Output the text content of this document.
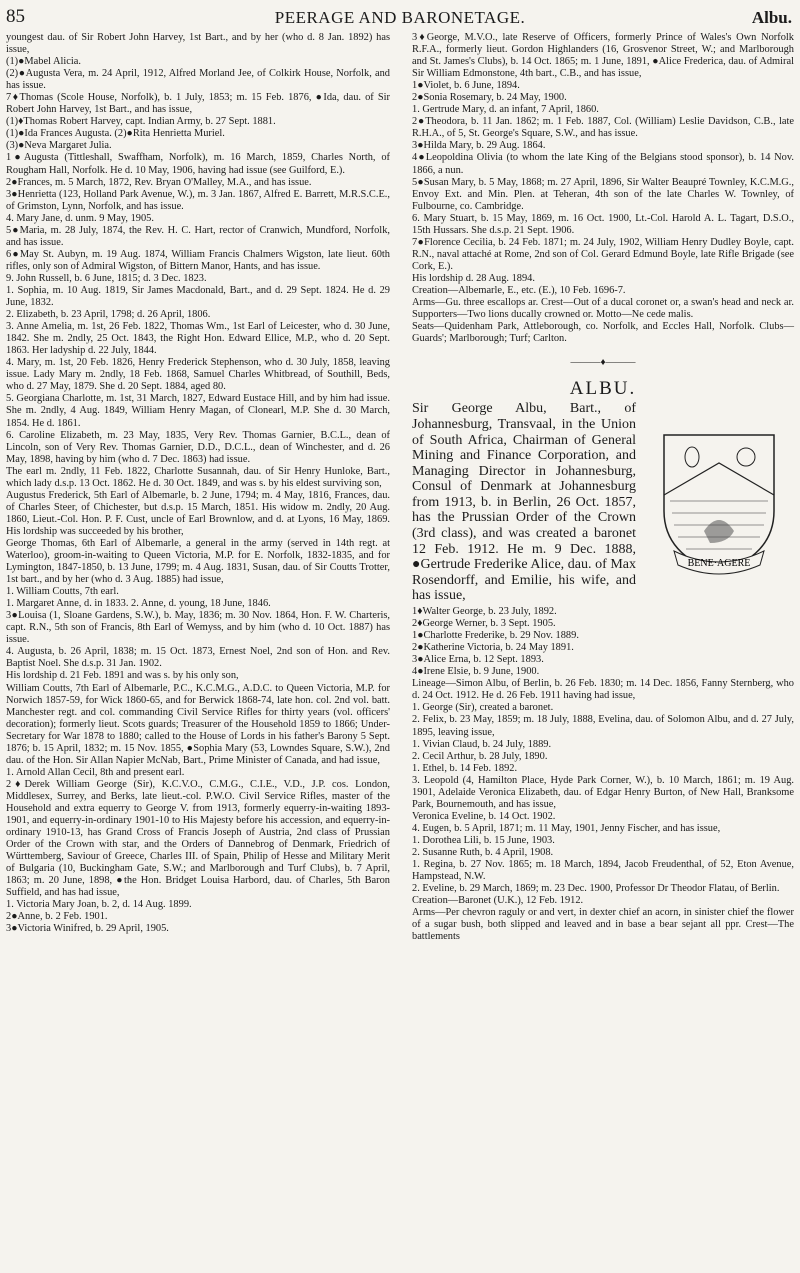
85	PEERAGE AND BARONETAGE.	Albu.

youngest dau. of Sir Robert John Harvey, 1st Bart., and by her (who d. 8 Jan. 1892) has issue,

(1)●Mabel Alicia.

(2)●Augusta Vera, m. 24 April, 1912, Alfred Morland Jee, of Colkirk House, Norfolk, and has issue.

7♦Thomas (Scole House, Norfolk), b. 1 July, 1853; m. 15 Feb. 1876, ●Ida, dau. of Sir Robert John Harvey, 1st Bart., and has issue,

(1)♦Thomas Robert Harvey, capt. Indian Army, b. 27 Sept. 1881.

(1)●Ida Frances Augusta. (2)●Rita Henrietta Muriel.

(3)●Neva Margaret Julia.

1●Augusta (Tittleshall, Swaffham, Norfolk), m. 16 March, 1859, Charles North, of Rougham Hall, Norfolk. He d. 10 May, 1906, having had issue (see Guilford, E.).

2●Frances, m. 5 March, 1872, Rev. Bryan O'Malley, M.A., and has issue.

3●Henrietta (123, Holland Park Avenue, W.), m. 3 Jan. 1867, Alfred E. Barrett, M.R.S.C.E., of Grimston, Lynn, Norfolk, and has issue.

4. Mary Jane, d. unm. 9 May, 1905.

5●Maria, m. 28 July, 1874, the Rev. H. C. Hart, rector of Cranwich, Mundford, Norfolk, and has issue.

6●May St. Aubyn, m. 19 Aug. 1874, William Francis Chalmers Wigston, late lieut. 60th rifles, only son of Admiral Wigston, of Bittern Manor, Hants, and has issue.

9. John Russell, b. 6 June, 1815; d. 3 Dec. 1823.

1. Sophia, m. 10 Aug. 1819, Sir James Macdonald, Bart., and d. 29 Sept. 1824. He d. 29 June, 1832.

2. Elizabeth, b. 23 April, 1798; d. 26 April, 1806.

3. Anne Amelia, m. 1st, 26 Feb. 1822, Thomas Wm., 1st Earl of Leicester, who d. 30 June, 1842. She m. 2ndly, 25 Oct. 1843, the Right Hon. Edward Ellice, M.P., who d. 20 Sept. 1863. Her ladyship d. 22 July, 1844.

4. Mary, m. 1st, 20 Feb. 1826, Henry Frederick Stephenson, who d. 30 July, 1858, leaving issue. Lady Mary m. 2ndly, 18 Feb. 1868, Samuel Charles Whitbread, of Southill, Beds, who d. 27 May, 1879. She d. 20 Sept. 1884, aged 80.

5. Georgiana Charlotte, m. 1st, 31 March, 1827, Edward Eustace Hill, and by him had issue. She m. 2ndly, 4 Aug. 1849, William Henry Magan, of Clonearl, M.P. She d. 30 March, 1854. He d. 1861.

6. Caroline Elizabeth, m. 23 May, 1835, Very Rev. Thomas Garnier, B.C.L., dean of Lincoln, son of Very Rev. Thomas Garnier, D.D., D.C.L., dean of Winchester, and d. 26 May, 1898, having by him (who d. 7 Dec. 1863) had issue.

The earl m. 2ndly, 11 Feb. 1822, Charlotte Susannah, dau. of Sir Henry Hunloke, Bart., which lady d.s.p. 13 Oct. 1862. He d. 30 Oct. 1849, and was s. by his eldest surviving son,

Augustus Frederick, 5th Earl of Albemarle, b. 2 June, 1794; m. 4 May, 1816, Frances, dau. of Charles Steer, of Chichester, but d.s.p. 15 March, 1851. His widow m. 2ndly, 20 Aug. 1860, Lieut.-Col. Hon. P. F. Cust, uncle of Earl Brownlow, and d. at Lyons, 16 May, 1869. His lordship was succeeded by his brother,

George Thomas, 6th Earl of Albemarle, a general in the army (served in 14th regt. at Waterloo), groom-in-waiting to Queen Victoria, M.P. for E. Norfolk, 1832-1835, and for Lymington, 1847-1850, b. 13 June, 1799; m. 4 Aug. 1831, Susan, dau. of Sir Coutts Trotter, 1st bart., and by her (who d. 3 Aug. 1885) had issue,

1. William Coutts, 7th earl.

1. Margaret Anne, d. in 1833. 2. Anne, d. young, 18 June, 1846.

3●Louisa (1, Sloane Gardens, S.W.), b. May, 1836; m. 30 Nov. 1864, Hon. F. W. Charteris, capt. R.N., 5th son of Francis, 8th Earl of Wemyss, and by him (who d. 10 Oct. 1887) has issue.

4. Augusta, b. 26 April, 1838; m. 15 Oct. 1873, Ernest Noel, 2nd son of Hon. and Rev. Baptist Noel. She d.s.p. 31 Jan. 1902.

His lordship d. 21 Feb. 1891 and was s. by his only son,

William Coutts, 7th Earl of Albemarle, P.C., K.C.M.G., A.D.C. to Queen Victoria, M.P. for Norwich 1857-59, for Wick 1860-65, and for Berwick 1868-74, late hon. col. 2nd vol. batt. Manchester regt. and col. commanding Civil Service Rifles for thirty years (vol. officers' decoration); formerly lieut. Scots guards; Treasurer of the Household 1859 to 1866; Under-Secretary for War 1878 to 1880; called to the House of Lords in his father's Barony 5 Sept. 1876; b. 15 April, 1832; m. 15 Nov. 1855, ●Sophia Mary (53, Lowndes Square, S.W.), 2nd dau. of the Hon. Sir Allan Napier McNab, Bart., Prime Minister of Canada, and had issue,

1. Arnold Allan Cecil, 8th and present earl.

2♦Derek William George (Sir), K.C.V.O., C.M.G., C.I.E., V.D., J.P. cos. London, Middlesex, Surrey, and Berks, late lieut.-col. P.W.O. Civil Service Rifles, master of the Household and extra equerry to George V. from 1913, formerly equerry-in-waiting 1893-1901, and equerry-in-ordinary 1901-10 to His Majesty before his accession, and equerry-in-ordinary 1910-13, has Grand Cross of Francis Joseph of Austria, 2nd class of Prussian Order of the Crown with star, and the Orders of Dannebrog of Denmark, Friedrich of Württemberg, Saviour of Greece, Charles III. of Spain, Philip of Hesse and Military Merit of Bulgaria (10, Buckingham Gate, S.W.; and Marlborough and Turf Clubs), b. 7 April, 1863; m. 20 June, 1898, ●the Hon. Bridget Louisa Harbord, dau. of Charles, 5th Baron Suffield, and has had issue,

1. Victoria Mary Joan, b. 2, d. 14 Aug. 1899.

2●Anne, b. 2 Feb. 1901.

3●Victoria Winifred, b. 29 April, 1905.

3♦George, M.V.O., late Reserve of Officers, formerly Prince of Wales's Own Norfolk R.F.A., formerly lieut. Gordon Highlanders (16, Grosvenor Street, W.; and Marlborough and St. James's Clubs), b. 14 Oct. 1865; m. 1 June, 1891, ●Alice Frederica, dau. of Admiral Sir William Edmonstone, 4th bart., C.B., and has issue,

1●Violet, b. 6 June, 1894.

2●Sonia Rosemary, b. 24 May, 1900.

1. Gertrude Mary, d. an infant, 7 April, 1860.

2●Theodora, b. 11 Jan. 1862; m. 1 Feb. 1887, Col. (William) Leslie Davidson, C.B., late R.H.A., of 5, St. George's Square, S.W., and has issue.

3●Hilda Mary, b. 29 Aug. 1864.

4●Leopoldina Olivia (to whom the late King of the Belgians stood sponsor), b. 14 Nov. 1866, a nun.

5●Susan Mary, b. 5 May, 1868; m. 27 April, 1896, Sir Walter Beaupré Townley, K.C.M.G., Envoy Ext. and Min. Plen. at Teheran, 4th son of the late Charles W. Townley, of Fulbourne, co. Cambridge.

6. Mary Stuart, b. 15 May, 1869, m. 16 Oct. 1900, Lt.-Col. Harold A. L. Tagart, D.S.O., 15th Hussars. She d.s.p. 21 Sept. 1906.

7●Florence Cecilia, b. 24 Feb. 1871; m. 24 July, 1902, William Henry Dudley Boyle, capt. R.N., naval attaché at Rome, 2nd son of Col. Gerard Edmund Boyle, late Rifle Brigade (see Cork, E.).

His lordship d. 28 Aug. 1894.

Creation—Albemarle, E., etc. (E.), 10 Feb. 1696-7.

Arms—Gu. three escallops ar. Crest—Out of a ducal coronet or, a swan's head and neck ar. Supporters—Two lions ducally crowned or. Motto—Ne cede malis.

Seats—Quidenham Park, Attleborough, co. Norfolk, and Eccles Hall, Norfolk. Clubs—Guards'; Marlborough; Turf; Carlton.

———♦———
ALBU.
BENE·AGERE
Sir George Albu, Bart., of Johannesburg, Transvaal, in the Union of South Africa, Chairman of General Mining and Finance Corporation, and Managing Director in Johannesburg, Consul of Denmark at Johannesburg from 1913, b. in Berlin, 26 Oct. 1857, has the Prussian Order of the Crown (3rd class), and was created a baronet 12 Feb. 1912. He m. 9 Dec. 1888, ●Gertrude Frederike Alice, dau. of Max Rosendorff, and Emilie, his wife, and has issue,

1♦Walter George, b. 23 July, 1892.

2♦George Werner, b. 3 Sept. 1905.

1●Charlotte Frederike, b. 29 Nov. 1889.

2●Katherine Victoria, b. 24 May 1891.

3●Alice Erna, b. 12 Sept. 1893.

4●Irene Elsie, b. 9 June, 1900.

Lineage—Simon Albu, of Berlin, b. 26 Feb. 1830; m. 14 Dec. 1856, Fanny Sternberg, who d. 24 Oct. 1912. He d. 26 Feb. 1911 having had issue,

1. George (Sir), created a baronet.

2. Felix, b. 23 May, 1859; m. 18 July, 1888, Evelina, dau. of Solomon Albu, and d. 27 July, 1895, leaving issue,

1. Vivian Claud, b. 24 July, 1889.

2. Cecil Arthur, b. 28 July, 1890.

1. Ethel, b. 14 Feb. 1892.

3. Leopold (4, Hamilton Place, Hyde Park Corner, W.), b. 10 March, 1861; m. 19 Aug. 1901, Adelaide Veronica Elizabeth, dau. of Edgar Henry Burton, of New Hall, Branksome Park, Bournemouth, and has issue,

Veronica Eveline, b. 14 Oct. 1902.

4. Eugen, b. 5 April, 1871; m. 11 May, 1901, Jenny Fischer, and has issue,

1. Dorothea Lili, b. 15 June, 1903.

2. Susanne Ruth, b. 4 April, 1908.

1. Regina, b. 27 Nov. 1865; m. 18 March, 1894, Jacob Freudenthal, of 52, Eton Avenue, Hampstead, N.W.

2. Eveline, b. 29 March, 1869; m. 23 Dec. 1900, Professor Dr Theodor Flatau, of Berlin.

Creation—Baronet (U.K.), 12 Feb. 1912.

Arms—Per chevron raguly or and vert, in dexter chief an acorn, in sinister chief the flower of a sugar bush, both slipped and leaved and in base a bear sejant all ppr. Crest—The battlements
